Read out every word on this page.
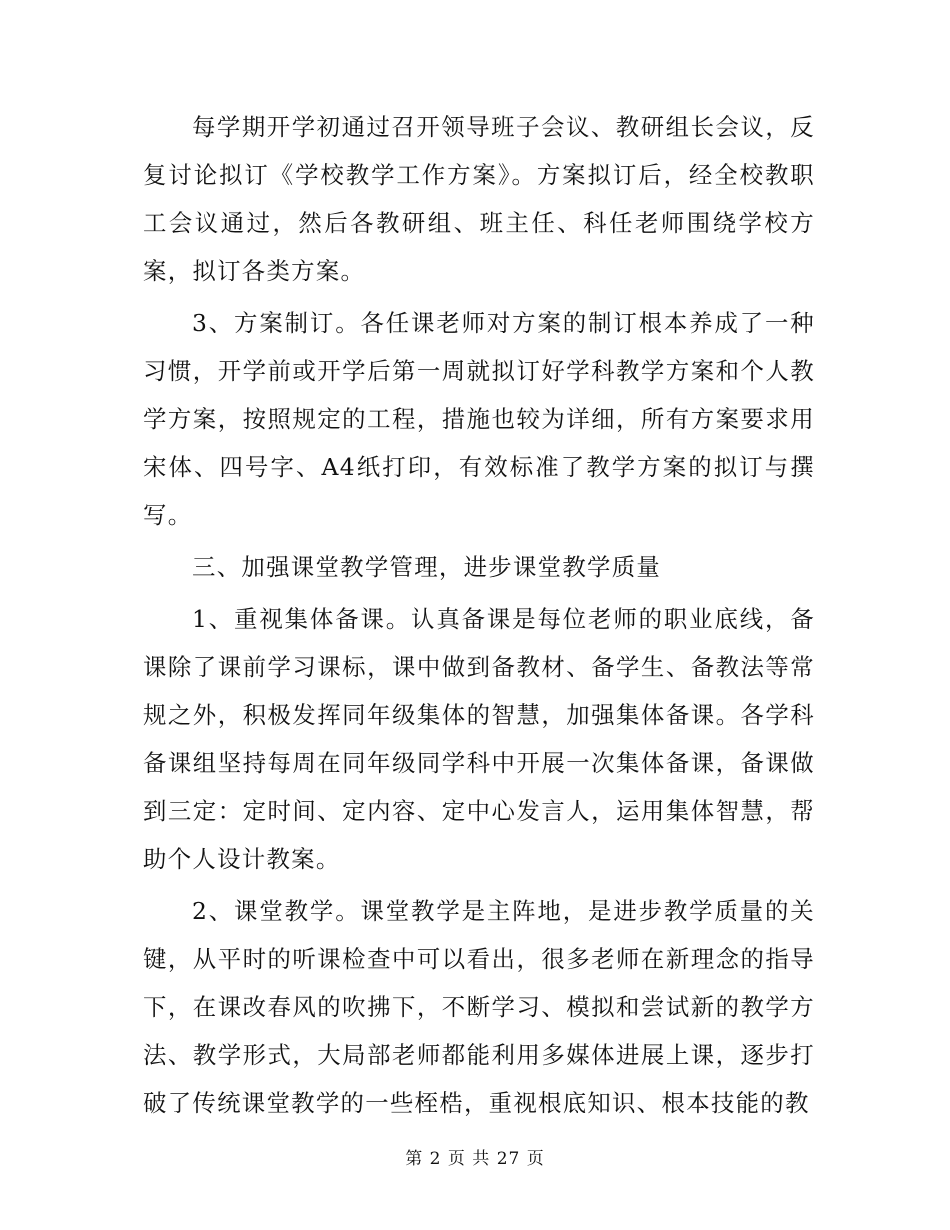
每学期开学初通过召开领导班子会议、教研组长会议，反复讨论拟订《学校教学工作方案》。方案拟订后，经全校教职工会议通过，然后各教研组、班主任、科任老师围绕学校方案，拟订各类方案。

3、方案制订。各任课老师对方案的制订根本养成了一种习惯，开学前或开学后第一周就拟订好学科教学方案和个人教学方案，按照规定的工程，措施也较为详细，所有方案要求用宋体、四号字、A4纸打印，有效标准了教学方案的拟订与撰写。

三、加强课堂教学管理，进步课堂教学质量

1、重视集体备课。认真备课是每位老师的职业底线，备课除了课前学习课标，课中做到备教材、备学生、备教法等常规之外，积极发挥同年级集体的智慧，加强集体备课。各学科备课组坚持每周在同年级同学科中开展一次集体备课，备课做到三定：定时间、定内容、定中心发言人，运用集体智慧，帮助个人设计教案。

2、课堂教学。课堂教学是主阵地，是进步教学质量的关键，从平时的听课检查中可以看出，很多老师在新理念的指导下，在课改春风的吹拂下，不断学习、模拟和尝试新的教学方法、教学形式，大局部老师都能利用多媒体进展上课，逐步打破了传统课堂教学的一些桎梏，重视根底知识、根本技能的教

第 2 页 共 27 页
